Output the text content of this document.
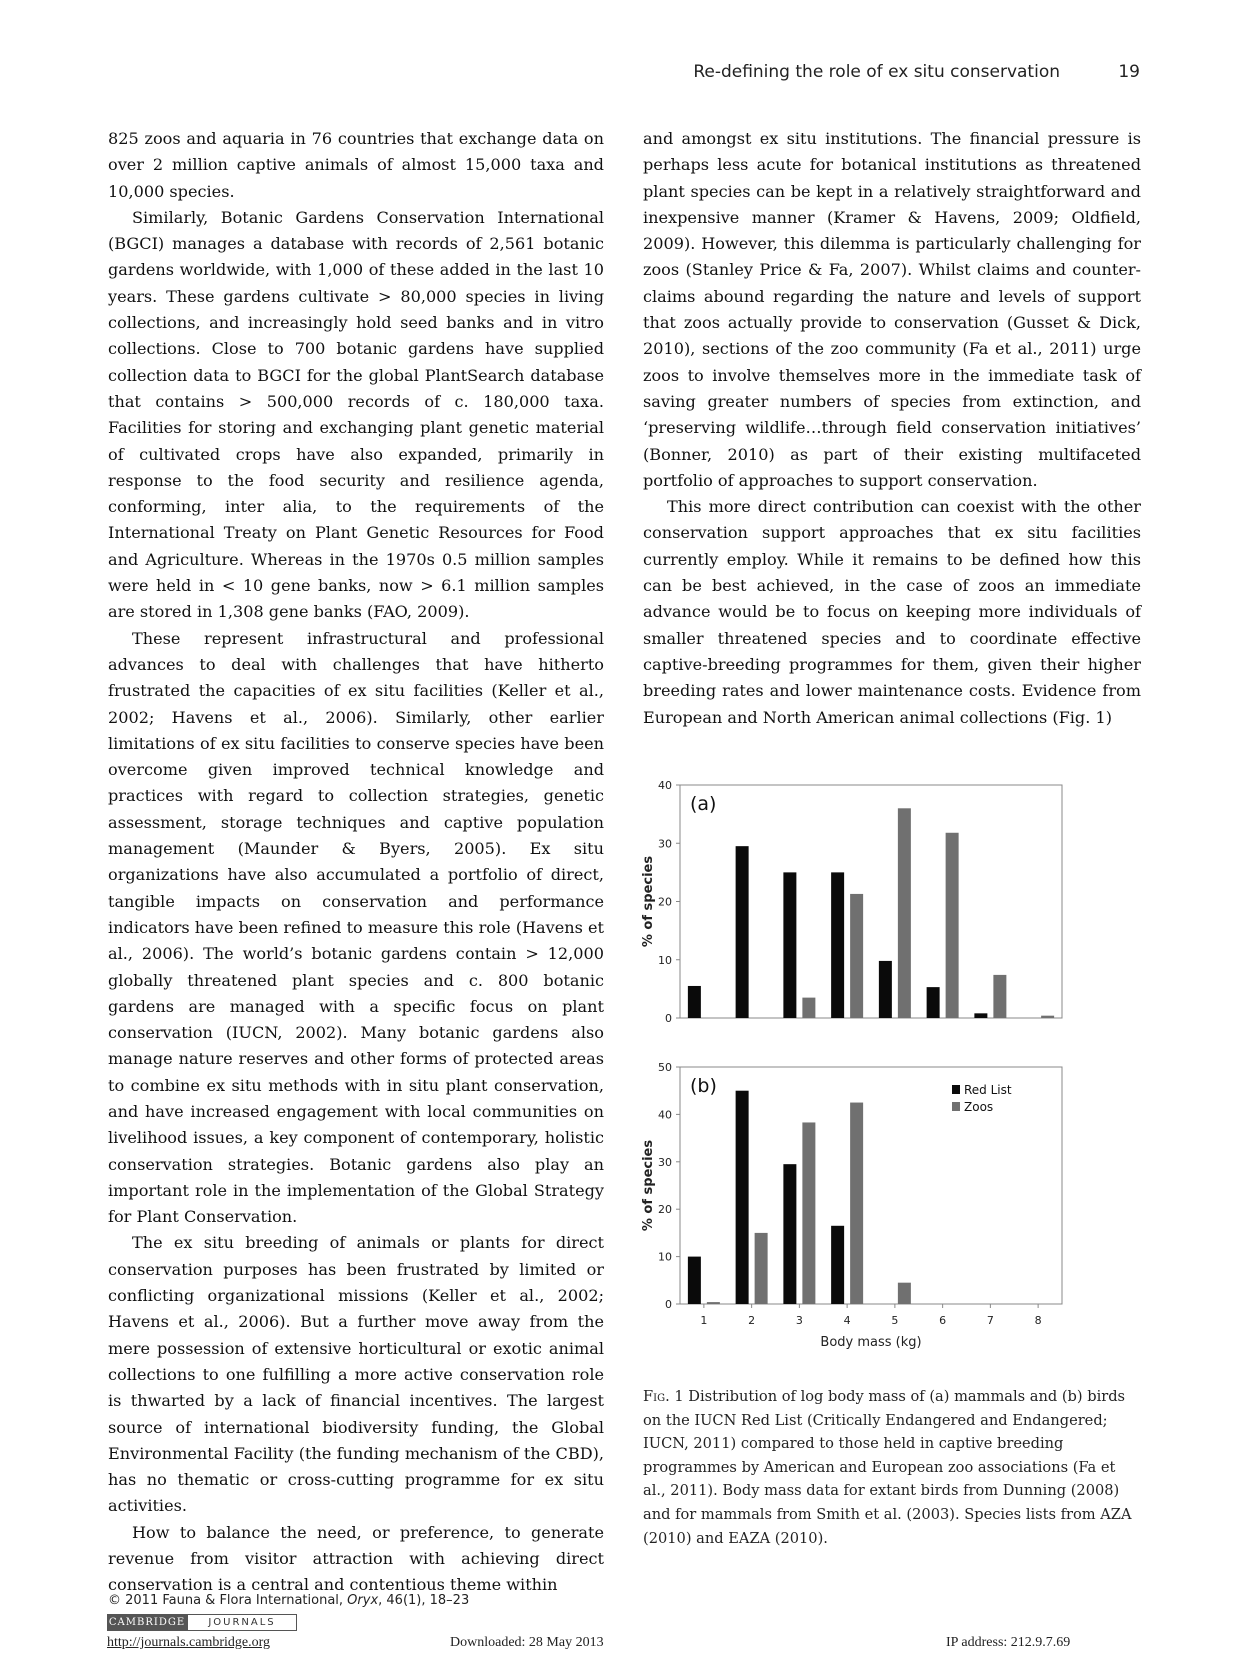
Re-defining the role of ex situ conservation	19

825 zoos and aquaria in 76 countries that exchange data on over 2 million captive animals of almost 15,000 taxa and 10,000 species.

Similarly, Botanic Gardens Conservation International (BGCI) manages a database with records of 2,561 botanic gardens worldwide, with 1,000 of these added in the last 10 years. These gardens cultivate > 80,000 species in living collections, and increasingly hold seed banks and in vitro collections. Close to 700 botanic gardens have supplied collection data to BGCI for the global PlantSearch database that contains > 500,000 records of c. 180,000 taxa. Facilities for storing and exchanging plant genetic material of cultivated crops have also expanded, primarily in response to the food security and resilience agenda, conforming, inter alia, to the requirements of the International Treaty on Plant Genetic Resources for Food and Agriculture. Whereas in the 1970s 0.5 million samples were held in < 10 gene banks, now > 6.1 million samples are stored in 1,308 gene banks (FAO, 2009).

These represent infrastructural and professional advances to deal with challenges that have hitherto frustrated the capacities of ex situ facilities (Keller et al., 2002; Havens et al., 2006). Similarly, other earlier limitations of ex situ facilities to conserve species have been overcome given improved technical knowledge and practices with regard to collection strategies, genetic assessment, storage techniques and captive population management (Maunder & Byers, 2005). Ex situ organizations have also accumulated a portfolio of direct, tangible impacts on conservation and performance indicators have been refined to measure this role (Havens et al., 2006). The world’s botanic gardens contain > 12,000 globally threatened plant species and c. 800 botanic gardens are managed with a specific focus on plant conservation (IUCN, 2002). Many botanic gardens also manage nature reserves and other forms of protected areas to combine ex situ methods with in situ plant conservation, and have increased engagement with local communities on livelihood issues, a key component of contemporary, holistic conservation strategies. Botanic gardens also play an important role in the implementation of the Global Strategy for Plant Conservation.

The ex situ breeding of animals or plants for direct conservation purposes has been frustrated by limited or conflicting organizational missions (Keller et al., 2002; Havens et al., 2006). But a further move away from the mere possession of extensive horticultural or exotic animal collections to one fulfilling a more active conservation role is thwarted by a lack of financial incentives. The largest source of international biodiversity funding, the Global Environmental Facility (the funding mechanism of the CBD), has no thematic or cross-cutting programme for ex situ activities.

How to balance the need, or preference, to generate revenue from visitor attraction with achieving direct conservation is a central and contentious theme within

and amongst ex situ institutions. The financial pressure is perhaps less acute for botanical institutions as threatened plant species can be kept in a relatively straightforward and inexpensive manner (Kramer & Havens, 2009; Oldfield, 2009). However, this dilemma is particularly challenging for zoos (Stanley Price & Fa, 2007). Whilst claims and counter-claims abound regarding the nature and levels of support that zoos actually provide to conservation (Gusset & Dick, 2010), sections of the zoo community (Fa et al., 2011) urge zoos to involve themselves more in the immediate task of saving greater numbers of species from extinction, and ‘preserving wildlife…through field conservation initiatives’ (Bonner, 2010) as part of their existing multifaceted portfolio of approaches to support conservation.

This more direct contribution can coexist with the other conservation support approaches that ex situ facilities currently employ. While it remains to be defined how this can be best achieved, in the case of zoos an immediate advance would be to focus on keeping more individuals of smaller threatened species and to coordinate effective captive-breeding programmes for them, given their higher breeding rates and lower maintenance costs. Evidence from European and North American animal collections (Fig. 1)

0
10
20
30
40
% of species
(a)
0
10
20
30
40
50
% of species
(b)
1	2	3	4	5	6	7	8
Body mass (kg)
Red List
Zoos
Fig. 1 Distribution of log body mass of (a) mammals and (b) birds on the IUCN Red List (Critically Endangered and Endangered; IUCN, 2011) compared to those held in captive breeding programmes by American and European zoo associations (Fa et al., 2011). Body mass data for extant birds from Dunning (2008) and for mammals from Smith et al. (2003). Species lists from AZA (2010) and EAZA (2010).
© 2011 Fauna & Flora International, Oryx, 46(1), 18–23
CAMBRIDGE	JOURNALS
http://journals.cambridge.org	Downloaded: 28 May 2013	IP address: 212.9.7.69
